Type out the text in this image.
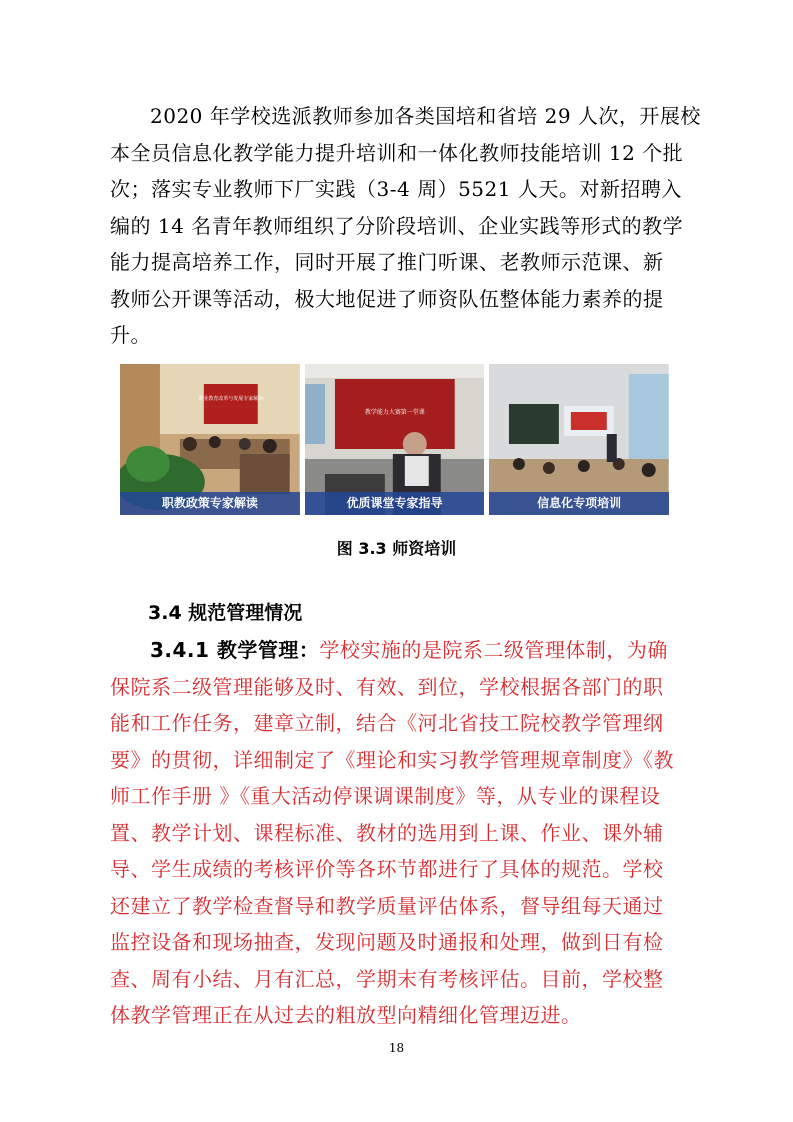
2020 年学校选派教师参加各类国培和省培 29 人次，开展校
本全员信息化教学能力提升培训和一体化教师技能培训 12 个批
次；落实专业教师下厂实践（3-4 周）5521 人天。对新招聘入
编的 14 名青年教师组织了分阶段培训、企业实践等形式的教学
能力提高培养工作，同时开展了推门听课、老教师示范课、新
教师公开课等活动，极大地促进了师资队伍整体能力素养的提
升。
职业教育改革与发展专家解读
职教政策专家解读
教学能力大赛第一堂课
优质课堂专家指导	信息化专项培训
图 3.3 师资培训
3.4 规范管理情况
3.4.1 教学管理：学校实施的是院系二级管理体制，为确
保院系二级管理能够及时、有效、到位，学校根据各部门的职
能和工作任务，建章立制，结合《河北省技工院校教学管理纲
要》的贯彻，详细制定了《理论和实习教学管理规章制度》《教
师工作手册 》《重大活动停课调课制度》等，从专业的课程设
置、教学计划、课程标准、教材的选用到上课、作业、课外辅
导、学生成绩的考核评价等各环节都进行了具体的规范。学校
还建立了教学检查督导和教学质量评估体系，督导组每天通过
监控设备和现场抽查，发现问题及时通报和处理，做到日有检
查、周有小结、月有汇总，学期末有考核评估。目前，学校整
体教学管理正在从过去的粗放型向精细化管理迈进。
18
